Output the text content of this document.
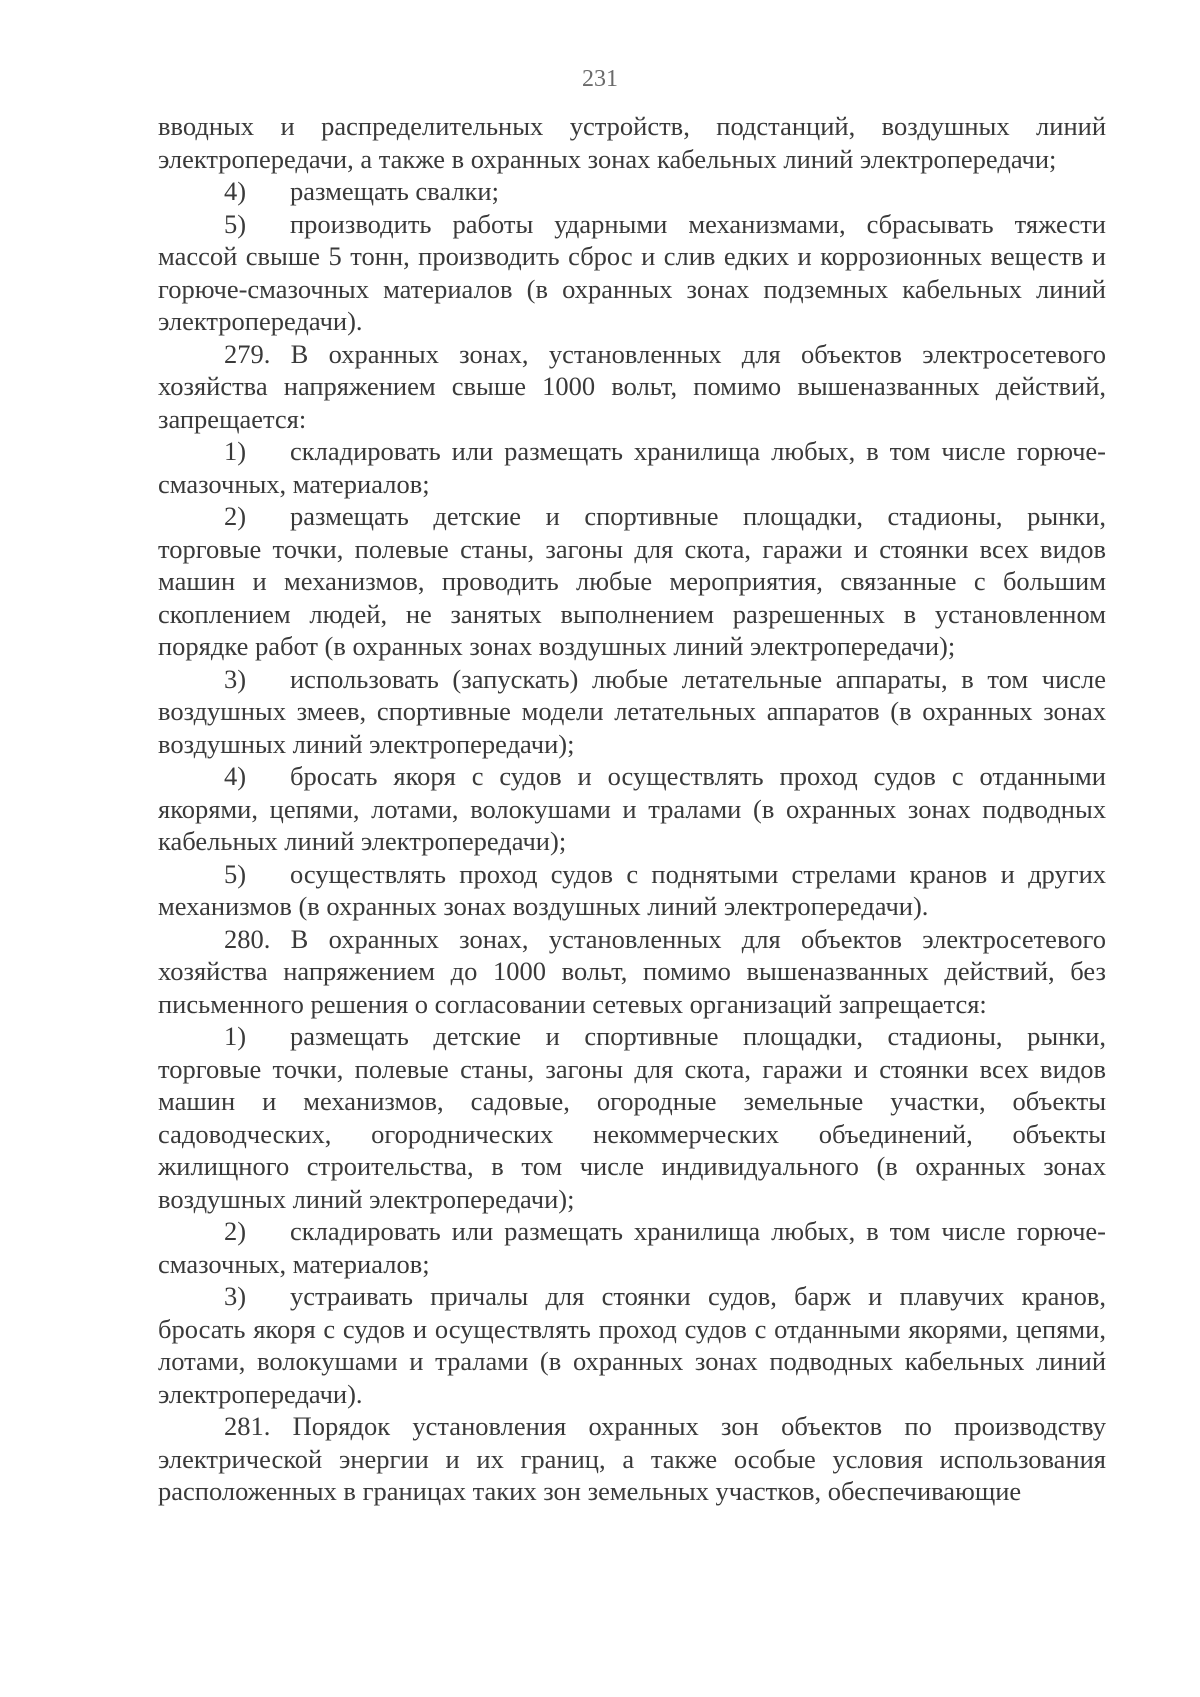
231

вводных и распределительных устройств, подстанций, воздушных линий электропередачи, а также в охранных зонах кабельных линий электропередачи;

4) размещать свалки;

5) производить работы ударными механизмами, сбрасывать тяжести массой свыше 5 тонн, производить сброс и слив едких и коррозионных веществ и горюче-смазочных материалов (в охранных зонах подземных кабельных линий электропередачи).

279. В охранных зонах, установленных для объектов электросетевого хозяйства напряжением свыше 1000 вольт, помимо вышеназванных действий, запрещается:

1) складировать или размещать хранилища любых, в том числе горюче-смазочных, материалов;

2) размещать детские и спортивные площадки, стадионы, рынки, торговые точки, полевые станы, загоны для скота, гаражи и стоянки всех видов машин и механизмов, проводить любые мероприятия, связанные с большим скоплением людей, не занятых выполнением разрешенных в установленном порядке работ (в охранных зонах воздушных линий электропередачи);

3) использовать (запускать) любые летательные аппараты, в том числе воздушных змеев, спортивные модели летательных аппаратов (в охранных зонах воздушных линий электропередачи);

4) бросать якоря с судов и осуществлять проход судов с отданными якорями, цепями, лотами, волокушами и тралами (в охранных зонах подводных кабельных линий электропередачи);

5) осуществлять проход судов с поднятыми стрелами кранов и других механизмов (в охранных зонах воздушных линий электропередачи).

280. В охранных зонах, установленных для объектов электросетевого хозяйства напряжением до 1000 вольт, помимо вышеназванных действий, без письменного решения о согласовании сетевых организаций запрещается:

1) размещать детские и спортивные площадки, стадионы, рынки, торговые точки, полевые станы, загоны для скота, гаражи и стоянки всех видов машин и механизмов, садовые, огородные земельные участки, объекты садоводческих, огороднических некоммерческих объединений, объекты жилищного строительства, в том числе индивидуального (в охранных зонах воздушных линий электропередачи);

2) складировать или размещать хранилища любых, в том числе горюче-смазочных, материалов;

3) устраивать причалы для стоянки судов, барж и плавучих кранов, бросать якоря с судов и осуществлять проход судов с отданными якорями, цепями, лотами, волокушами и тралами (в охранных зонах подводных кабельных линий электропередачи).

281. Порядок установления охранных зон объектов по производству электрической энергии и их границ, а также особые условия использования расположенных в границах таких зон земельных участков, обеспечивающие
